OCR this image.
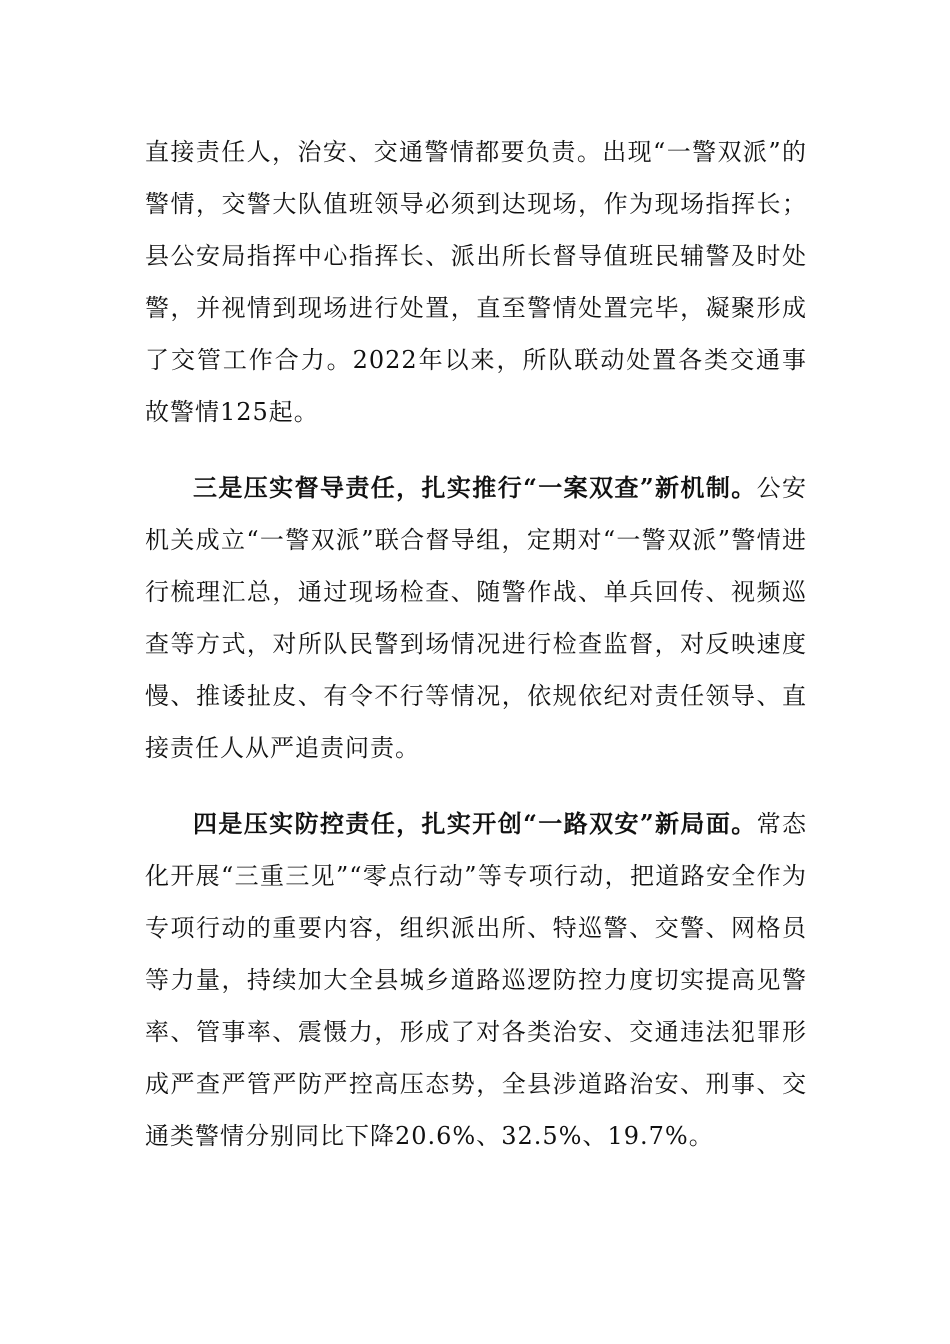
直接责任人，治安、交通警情都要负责。出现“一警双派”的警情，交警大队值班领导必须到达现场，作为现场指挥长；县公安局指挥中心指挥长、派出所长督导值班民辅警及时处警，并视情到现场进行处置，直至警情处置完毕，凝聚形成了交管工作合力。2022年以来，所队联动处置各类交通事故警情125起。

三是压实督导责任，扎实推行“一案双查”新机制。公安机关成立“一警双派”联合督导组，定期对“一警双派”警情进行梳理汇总，通过现场检查、随警作战、单兵回传、视频巡查等方式，对所队民警到场情况进行检查监督，对反映速度慢、推诿扯皮、有令不行等情况，依规依纪对责任领导、直接责任人从严追责问责。

四是压实防控责任，扎实开创“一路双安”新局面。常态化开展“三重三见”“零点行动”等专项行动，把道路安全作为专项行动的重要内容，组织派出所、特巡警、交警、网格员等力量，持续加大全县城乡道路巡逻防控力度切实提高见警率、管事率、震慑力，形成了对各类治安、交通违法犯罪形成严查严管严防严控高压态势，全县涉道路治安、刑事、交通类警情分别同比下降20.6%、32.5%、19.7%。
